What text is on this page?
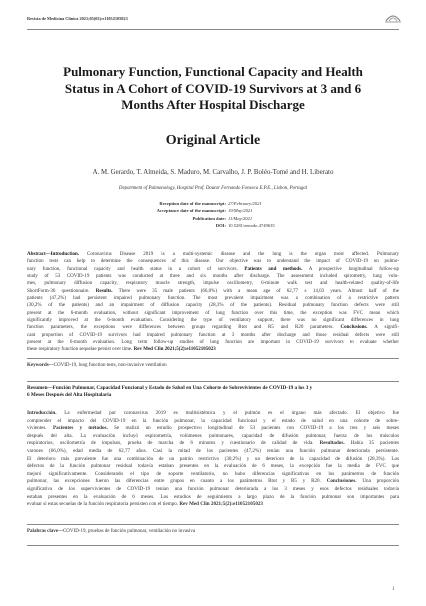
Revista de Medicina Clínica 2021;05(02):e11052105023
Pulmonary Function, Functional Capacity and Health
Status in A Cohort of COVID-19 Survivors at 3 and 6
Months After Hospital Discharge
Original Article
A. M. Gerardo, T. Almeida, S. Maduro, M. Carvalho, J. P. Boléo-Tomé and H. Liberato
Department of Pulmonology, Hospital Prof. Doutor Fernando Fonseca E.P.E., Lisbon, Portugal
Reception date of the manuscript: 27/February/2021
Acceptance date of the manuscript: 19/May/2021
Publication date: 11/May/2021
DOI: 10.5281/zenodo.4749635
Abstract—Introduction. Coronavirus Disease 2019 is a multi-systemic disease and the lung is the organ most affected. Pulmonary
function tests can help to determine the consequences of this disease. Our objective was to understand the impact of COVID-19 on pulmo-
nary function, functional capacity and health status in a cohort of survivors. Patients and methods. A prospective longitudinal follow-up
study of 53 COVID-19 patients was conducted at three and six months after discharge. The assessment included spirometry, lung volu-
mes, pulmonary diffusion capacity, respiratory muscle strength, impulse oscillometry, 6-minute walk test and health-related quality-of-life
ShortForm-36 questionnaire. Results. There were 35 male patients (66,0%) with a mean age of 62,77 ± 14,03 years. Almost half of the
patients (47,2%) had persistent impaired pulmonary function. The most prevalent impairment was a combination of a restrictive pattern
(30,2% of the patients) and an impairment of diffusion capacity (28,3% of the patients). Residual pulmonary function defects were still
present at the 6-month evaluation, without significant improvement of lung function over this time, the exception was FVC mean which
significantly improved at the 6-month evaluation. Considering the type of ventilatory support, there was no significant differences in lung
function parameters, the exceptions were differences between groups regarding Rtot and R5 and R20 parameters. Conclusions. A signifi-
cant proportion of COVID-19 survivors had impaired pulmonary function at 3 months after discharge and those residual defects were still
present at the 6-month evaluation. Long term follow-up studies of lung function are important in COVID-19 survivors to evaluate whether
these respiratory function sequelae persist over time. Rev Med Clin 2021;5(2):e11052105023
Keywords—COVID-19, lung function tests, non-invasive ventilation
Resumen—Función Pulmonar, Capacidad Funcional y Estado de Salud en Una Cohorte de Sobrevivientes de COVID-19 a los 3 y
6 Meses Después del Alta Hospitalaria
Introducción. La enfermedad por coronavirus 2019 es multisistémica y el pulmón es el órgano más afectado. El objetivo fue
comprender el impacto del COVID-19 en la función pulmonar, la capacidad funcional y el estado de salud en una cohorte de sobre-
vivientes. Pacientes y métodos. Se realizó un estudio prospectivo longitudinal de 53 pacientes con COVID-19 a los tres y seis meses
después del alta. La evaluación incluyó espirometría, volúmenes pulmonares, capacidad de difusión pulmonar, fuerza de los músculos
respiratorios, oscilometría de impulsos, prueba de marcha de 6 minutos y cuestionario de calidad de vida. Resultados. Había 35 pacientes
varones (66,0%), edad media de 62,77 años. Casi la mitad de los pacientes (47,2%) tenían una función pulmonar deteriorada persistente.
El deterioro más prevalente fue una combinación de un patrón restrictivo (30,2%) y un deterioro de la capacidad de difusión (28,3%). Los
defectos de la función pulmonar residual todavía estaban presentes en la evaluación de 6 meses, la excepción fue la media de FVC que
mejoró significativamente. Considerando el tipo de soporte ventilatorio, no hubo diferencias significativas en los parámetros de función
pulmonar, las excepciones fueron las diferencias entre grupos en cuanto a los parámetros Rtot y R5 y R20. Conclusiones. Una proporción
significativa de los supervivientes de COVID-19 tenían una función pulmonar deteriorada a los 3 meses y esos defectos residuales todavía
estaban presentes en la evaluación de 6 meses. Los estudios de seguimiento a largo plazo de la función pulmonar son importantes para
evaluar si estas secuelas de la función respiratoria persisten con el tiempo. Rev Med Clin 2021;5(2):e11052105023
Palabras clave—COVID-19, pruebas de función pulmonar, ventilación no invasiva
1
